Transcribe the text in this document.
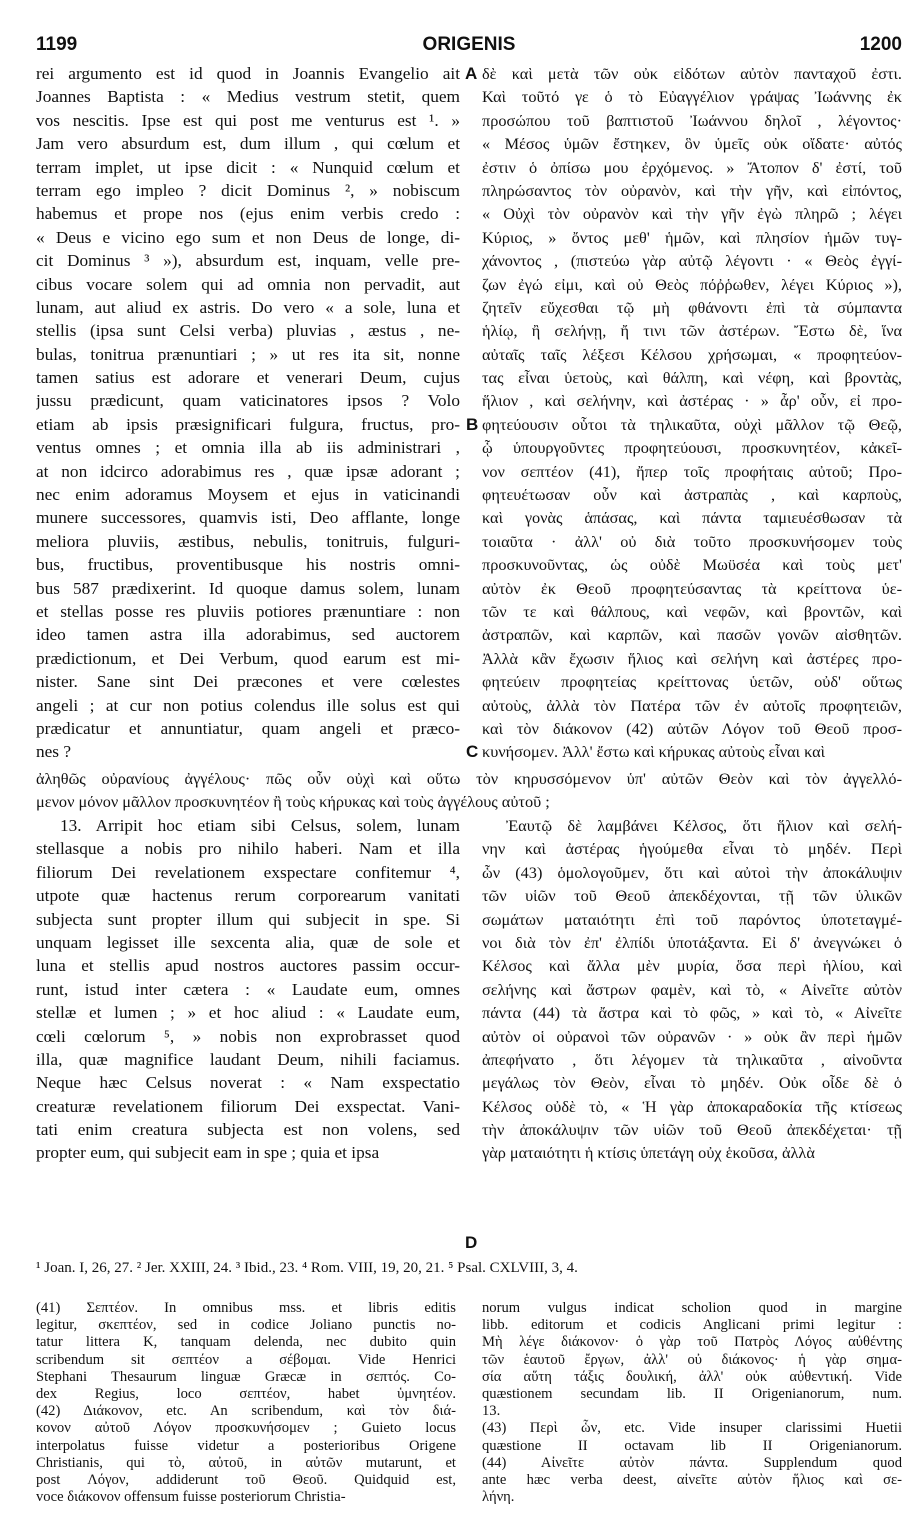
1199	ORIGENIS	1200
rei argumento est id quod in Joannis Evangelio ait
Joannes Baptista : « Medius vestrum stetit, quem
vos nescitis. Ipse est qui post me venturus est ¹. »
Jam vero absurdum est, dum illum , qui cœlum et
terram implet, ut ipse dicit : « Nunquid cœlum et
terram ego impleo ? dicit Dominus ², » nobiscum
habemus et prope nos (ejus enim verbis credo :
« Deus e vicino ego sum et non Deus de longe, di-
cit Dominus ³ »), absurdum est, inquam, velle pre-
cibus vocare solem qui ad omnia non pervadit, aut
lunam, aut aliud ex astris. Do vero « a sole, luna et
stellis (ipsa sunt Celsi verba) pluvias , æstus , ne-
bulas, tonitrua prænuntiari ; » ut res ita sit, nonne
tamen satius est adorare et venerari Deum, cujus
jussu prædicunt, quam vaticinatores ipsos ? Volo
etiam ab ipsis præsignificari fulgura, fructus, pro-
ventus omnes ; et omnia illa ab iis administrari ,
at non idcirco adorabimus res , quæ ipsæ adorant ;
nec enim adoramus Moysem et ejus in vaticinandi
munere successores, quamvis isti, Deo afflante, longe
meliora pluviis, æstibus, nebulis, tonitruis, fulguri-
bus, fructibus, proventibusque his nostris omni-
bus 587 prædixerint. Id quoque damus solem, lunam
et stellas posse res pluviis potiores prænuntiare : non
ideo tamen astra illa adorabimus, sed auctorem
prædictionum, et Dei Verbum, quod earum est mi-
nister. Sane sint Dei præcones et vere cœlestes
angeli ; at cur non potius colendus ille solus est qui
prædicatur et annuntiatur, quam angeli et præco-
nes ?
δὲ καὶ μετὰ τῶν οὐκ εἰδότων αὐτὸν πανταχοῦ ἐστι.
Καὶ τοῦτό γε ὁ τὸ Εὐαγγέλιον γράψας Ἰωάννης ἐκ
προσώπου τοῦ βαπτιστοῦ Ἰωάννου δηλοῖ , λέγοντος·
« Μέσος ὑμῶν ἔστηκεν, ὃν ὑμεῖς οὐκ οἴδατε· αὐτός
ἐστιν ὁ ὀπίσω μου ἐρχόμενος. » Ἄτοπον δ' ἐστί, τοῦ
πληρώσαντος τὸν οὐρανὸν, καὶ τὴν γῆν, καὶ εἰπόντος,
« Οὐχὶ τὸν οὐρανὸν καὶ τὴν γῆν ἐγὼ πληρῶ ; λέγει
Κύριος, » ὄντος μεθ' ἡμῶν, καὶ πλησίον ἡμῶν τυγ-
χάνοντος , (πιστεύω γὰρ αὐτῷ λέγοντι · « Θεὸς ἐγγί-
ζων ἐγώ εἰμι, καὶ οὐ Θεὸς πόῤῥωθεν, λέγει Κύριος »),
ζητεῖν εὔχεσθαι τῷ μὴ φθάνοντι ἐπὶ τὰ σύμπαντα
ἡλίῳ, ἢ σελήνῃ, ἤ τινι τῶν ἀστέρων. Ἔστω δὲ, ἵνα
αὐταῖς ταῖς λέξεσι Κέλσου χρήσωμαι, « προφητεύον-
τας εἶναι ὑετοὺς, καὶ θάλπη, καὶ νέφη, καὶ βροντὰς,
ἥλιον , καὶ σελήνην, καὶ ἀστέρας · » ἆρ' οὖν, εἰ προ-
φητεύουσιν οὗτοι τὰ τηλικαῦτα, οὐχὶ μᾶλλον τῷ Θεῷ,
ᾧ ὑπουργοῦντες προφητεύουσι, προσκυνητέον, κἀκεῖ-
νον σεπτέον (41), ἤπερ τοῖς προφήταις αὐτοῦ; Προ-
φητευέτωσαν οὖν καὶ ἀστραπὰς , καὶ καρποὺς,
καὶ γονὰς ἁπάσας, καὶ πάντα ταμιευέσθωσαν τὰ
τοιαῦτα · ἀλλ' οὐ διὰ τοῦτο προσκυνήσομεν τοὺς
προσκυνοῦντας, ὡς οὐδὲ Μωϋσέα καὶ τοὺς μετ'
αὐτὸν ἐκ Θεοῦ προφητεύσαντας τὰ κρείττονα ὑε-
τῶν τε καὶ θάλπους, καὶ νεφῶν, καὶ βροντῶν, καὶ
ἀστραπῶν, καὶ καρπῶν, καὶ πασῶν γονῶν αἰσθητῶν.
Ἀλλὰ κἂν ἔχωσιν ἥλιος καὶ σελήνη καὶ ἀστέρες προ-
φητεύειν προφητείας κρείττονας ὑετῶν, οὐδ' οὕτως
αὐτοὺς, ἀλλὰ τὸν Πατέρα τῶν ἐν αὐτοῖς προφητειῶν,
καὶ τὸν διάκονον (42) αὐτῶν Λόγον τοῦ Θεοῦ προσ-
κυνήσομεν. Ἀλλ' ἔστω καὶ κήρυκας αὐτοὺς εἶναι καὶ
A
B
C
D
ἀληθῶς οὐρανίους ἀγγέλους· πῶς οὖν οὐχὶ καὶ οὕτω τὸν κηρυσσόμενον ὑπ' αὐτῶν Θεὸν καὶ τὸν ἀγγελλό-
μενον μόνον μᾶλλον προσκυνητέον ἢ τοὺς κήρυκας καὶ τοὺς ἀγγέλους αὐτοῦ ;
13. Arripit hoc etiam sibi Celsus, solem, lunam
stellasque a nobis pro nihilo haberi. Nam et illa
filiorum Dei revelationem exspectare confitemur ⁴,
utpote quæ hactenus rerum corporearum vanitati
subjecta sunt propter illum qui subjecit in spe. Si
unquam legisset ille sexcenta alia, quæ de sole et
luna et stellis apud nostros auctores passim occur-
runt, istud inter cætera : « Laudate eum, omnes
stellæ et lumen ; » et hoc aliud : « Laudate eum,
cœli cœlorum ⁵, » nobis non exprobrasset quod
illa, quæ magnifice laudant Deum, nihili faciamus.
Neque hæc Celsus noverat : « Nam exspectatio
creaturæ revelationem filiorum Dei exspectat. Vani-
tati enim creatura subjecta est non volens, sed
propter eum, qui subjecit eam in spe ; quia et ipsa
Ἐαυτῷ δὲ λαμβάνει Κέλσος, ὅτι ἥλιον καὶ σελή-
νην καὶ ἀστέρας ἡγούμεθα εἶναι τὸ μηδέν. Περὶ
ὧν (43) ὁμολογοῦμεν, ὅτι καὶ αὐτοὶ τὴν ἀποκάλυψιν
τῶν υἱῶν τοῦ Θεοῦ ἀπεκδέχονται, τῇ τῶν ὑλικῶν
σωμάτων ματαιότητι ἐπὶ τοῦ παρόντος ὑποτεταγμέ-
νοι διὰ τὸν ἐπ' ἐλπίδι ὑποτάξαντα. Εἰ δ' ἀνεγνώκει ὁ
Κέλσος καὶ ἄλλα μὲν μυρία, ὅσα περὶ ἡλίου, καὶ
σελήνης καὶ ἄστρων φαμὲν, καὶ τὸ, « Αἰνεῖτε αὐτὸν
πάντα (44) τὰ ἄστρα καὶ τὸ φῶς, » καὶ τὸ, « Αἰνεῖτε
αὐτὸν οἱ οὐρανοὶ τῶν οὐρανῶν · » οὐκ ἂν περὶ ἡμῶν
ἀπεφήνατο , ὅτι λέγομεν τὰ τηλικαῦτα , αἰνοῦντα
μεγάλως τὸν Θεὸν, εἶναι τὸ μηδέν. Οὐκ οἶδε δὲ ὁ
Κέλσος οὐδὲ τὸ, « Ἡ γὰρ ἀποκαραδοκία τῆς κτίσεως
τὴν ἀποκάλυψιν τῶν υἱῶν τοῦ Θεοῦ ἀπεκδέχεται· τῇ
γὰρ ματαιότητι ἡ κτίσις ὑπετάγη οὐχ ἑκοῦσα, ἀλλὰ
¹ Joan. I, 26, 27. ² Jer. XXIII, 24. ³ Ibid., 23. ⁴ Rom. VIII, 19, 20, 21. ⁵ Psal. CXLVIII, 3, 4.
(41) Σεπτέον. In omnibus mss. et libris editis
legitur, σκεπτέον, sed in codice Joliano punctis no-
tatur littera K, tanquam delenda, nec dubito quin
scribendum sit σεπτέον a σέβομαι. Vide Henrici
Stephani Thesaurum linguæ Græcæ in σεπτός. Co-
dex Regius, loco σεπτέον, habet ὑμνητέον.
(42) Διάκονον, etc. An scribendum, καὶ τὸν διά-
κονον αὐτοῦ Λόγον προσκυνήσομεν ; Guieto locus
interpolatus fuisse videtur a posterioribus Origene
Christianis, qui τὸ, αὐτοῦ, in αὐτῶν mutarunt, et
post Λόγον, addiderunt τοῦ Θεοῦ. Quidquid est,
voce διάκονον offensum fuisse posteriorum Christia-
norum vulgus indicat scholion quod in margine
libb. editorum et codicis Anglicani primi legitur :
Μὴ λέγε διάκονον· ὁ γὰρ τοῦ Πατρὸς Λόγος αὐθέντης
τῶν ἑαυτοῦ ἔργων, ἀλλ' οὐ διάκονος· ἡ γὰρ σημα-
σία αὕτη τάξις δουλική, ἀλλ' οὐκ αὐθεντική. Vide
quæstionem secundam lib. II Origenianorum, num.
13.
(43) Περὶ ὧν, etc. Vide insuper clarissimi Huetii
quæstione II octavam lib II Origenianorum.
(44) Αἰνεῖτε αὐτὸν πάντα. Supplendum quod
ante hæc verba deest, αἰνεῖτε αὐτὸν ἥλιος καὶ σε-
λήνη.
